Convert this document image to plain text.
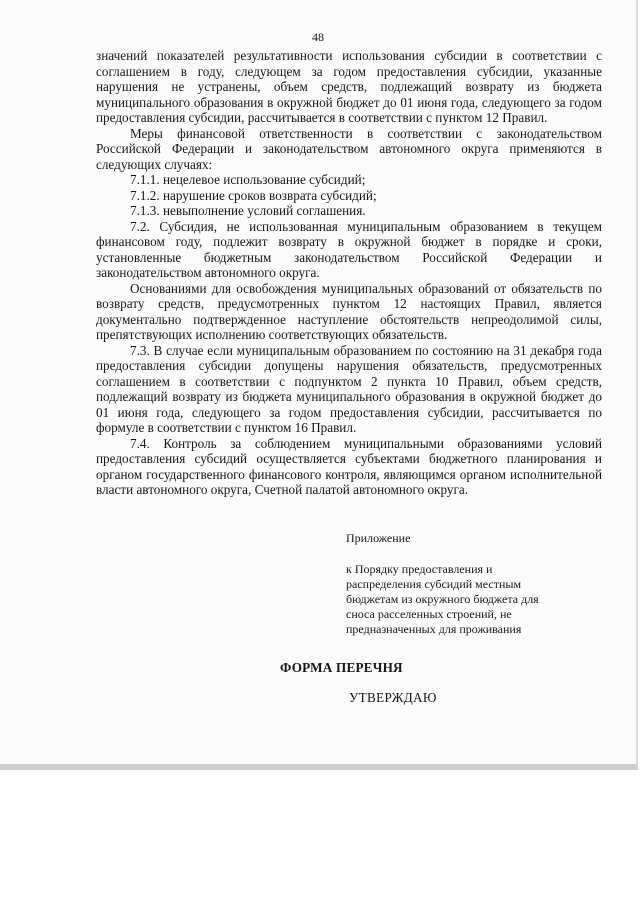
48

значений показателей результативности использования субсидии в соответствии с соглашением в году, следующем за годом предоставления субсидии, указанные нарушения не устранены, объем средств, подлежащий возврату из бюджета муниципального образования в окружной бюджет до 01 июня года, следующего за годом предоставления субсидии, рассчитывается в соответствии с пунктом 12 Правил.

Меры финансовой ответственности в соответствии с законодательством Российской Федерации и законодательством автономного округа применяются в следующих случаях:

7.1.1. нецелевое использование субсидий;

7.1.2. нарушение сроков возврата субсидий;

7.1.3. невыполнение условий соглашения.

7.2. Субсидия, не использованная муниципальным образованием в текущем финансовом году, подлежит возврату в окружной бюджет в порядке и сроки, установленные бюджетным законодательством Российской Федерации и законодательством автономного округа.

Основаниями для освобождения муниципальных образований от обязательств по возврату средств, предусмотренных пунктом 12 настоящих Правил, является документально подтвержденное наступление обстоятельств непреодолимой силы, препятствующих исполнению соответствующих обязательств.

7.3. В случае если муниципальным образованием по состоянию на 31 декабря года предоставления субсидии допущены нарушения обязательств, предусмотренных соглашением в соответствии с подпунктом 2 пункта 10 Правил, объем средств, подлежащий возврату из бюджета муниципального образования в окружной бюджет до 01 июня года, следующего за годом предоставления субсидии, рассчитывается по формуле в соответствии с пунктом 16 Правил.

7.4. Контроль за соблюдением муниципальными образованиями условий предоставления субсидий осуществляется субъектами бюджетного планирования и органом государственного финансового контроля, являющимся органом исполнительной власти автономного округа, Счетной палатой автономного округа.

Приложение
к Порядку предоставления и
распределения субсидий местным
бюджетам из окружного бюджета для
сноса расселенных строений, не
предназначенных для проживания
ФОРМА ПЕРЕЧНЯ
УТВЕРЖДАЮ
